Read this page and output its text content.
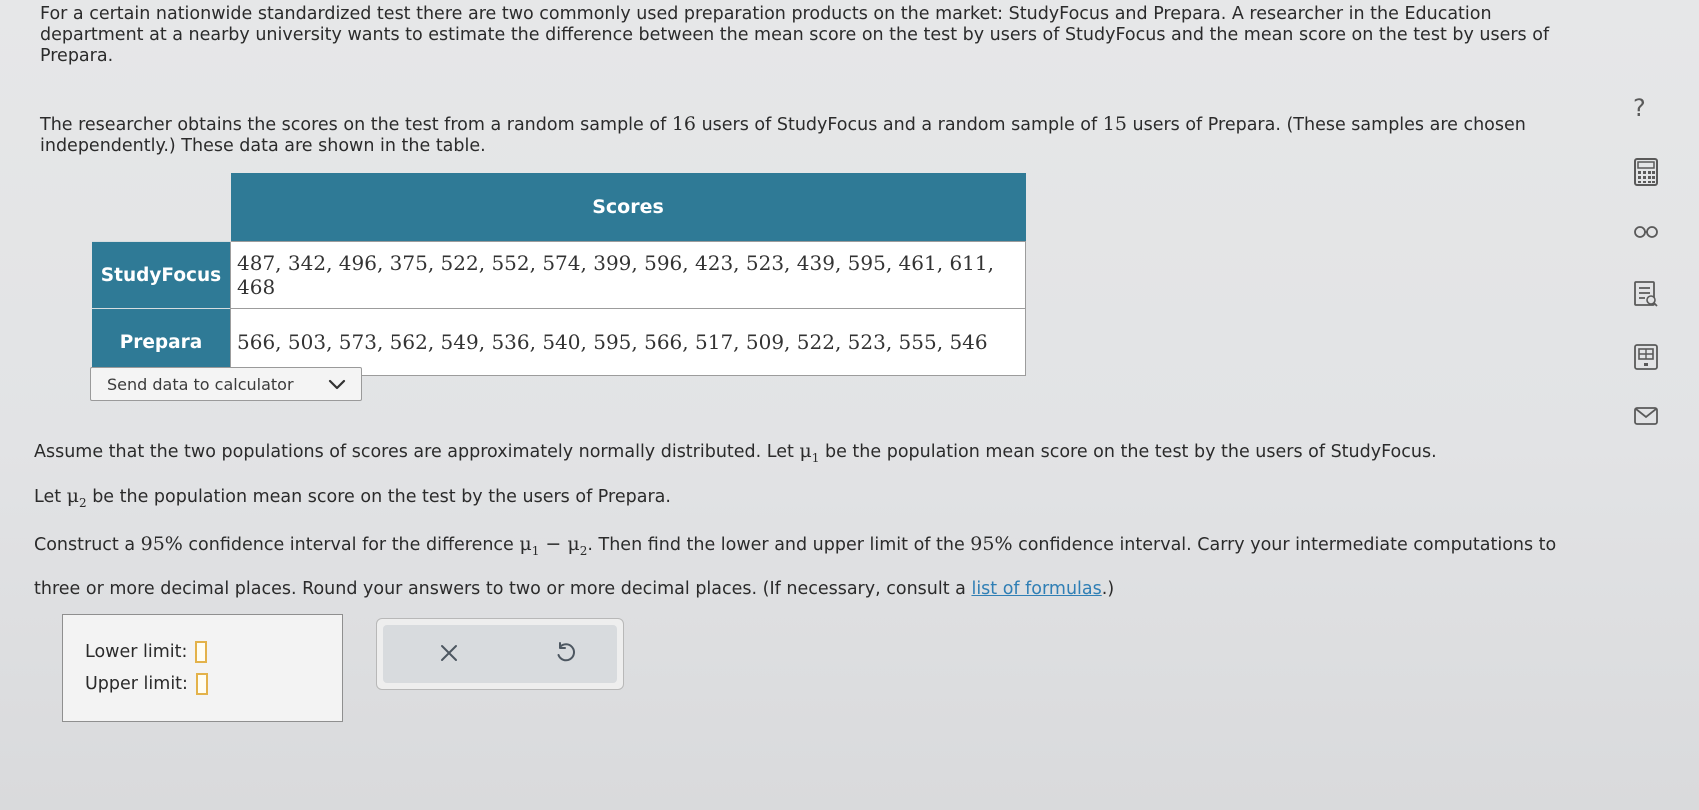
For a certain nationwide standardized test there are two commonly used preparation products on the market: StudyFocus and Prepara. A researcher in the Education department at a nearby university wants to estimate the difference between the mean score on the test by users of StudyFocus and the mean score on the test by users of Prepara.

The researcher obtains the scores on the test from a random sample of 16 users of StudyFocus and a random sample of 15 users of Prepara. (These samples are chosen independently.) These data are shown in the table.

	Scores
StudyFocus	487, 342, 496, 375, 522, 552, 574, 399, 596, 423, 523, 439, 595, 461, 611, 468
Prepara	566, 503, 573, 562, 549, 536, 540, 595, 566, 517, 509, 522, 523, 555, 546
Send data to calculator

Assume that the two populations of scores are approximately normally distributed. Let $\mu_1$ be the population mean score on the test by the users of StudyFocus.
Let $\mu_2$ be the population mean score on the test by the users of Prepara.

Construct a 95% confidence interval for the difference $\mu_1 - \mu_2$. Then find the lower and upper limit of the 95% confidence interval. Carry your intermediate computations to three or more decimal places. Round your answers to two or more decimal places. (If necessary, consult a list of formulas.)

Lower limit:
Upper limit:
?
